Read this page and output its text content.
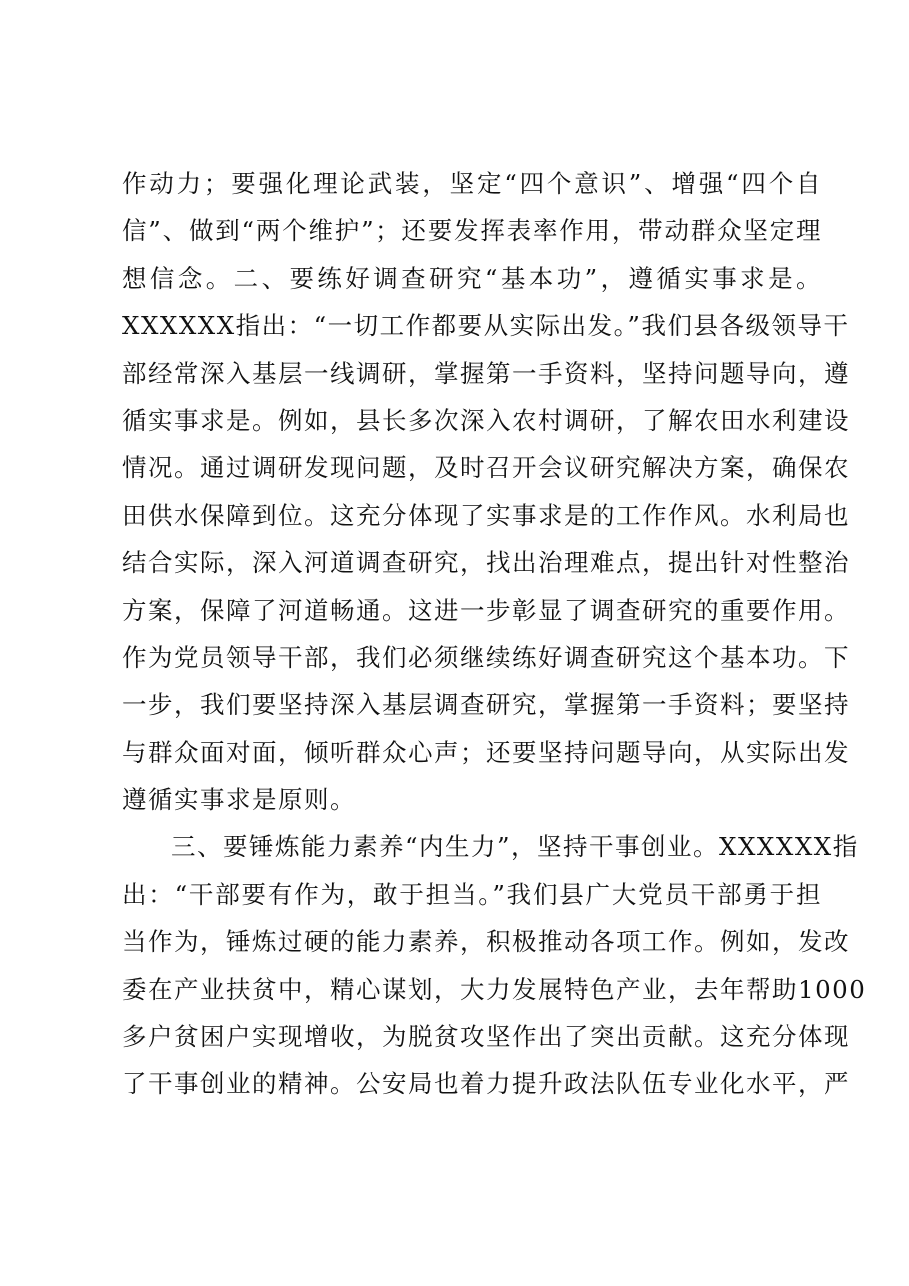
作动力；要强化理论武装，坚定“四个意识”、增强“四个自
信”、做到“两个维护”；还要发挥表率作用，带动群众坚定理
想信念。二、要练好调查研究“基本功”，遵循实事求是。
XXXXXX指出：“一切工作都要从实际出发。”我们县各级领导干
部经常深入基层一线调研，掌握第一手资料，坚持问题导向，遵
循实事求是。例如，县长多次深入农村调研，了解农田水利建设
情况。通过调研发现问题，及时召开会议研究解决方案，确保农
田供水保障到位。这充分体现了实事求是的工作作风。水利局也
结合实际，深入河道调查研究，找出治理难点，提出针对性整治
方案，保障了河道畅通。这进一步彰显了调查研究的重要作用。
作为党员领导干部，我们必须继续练好调查研究这个基本功。下
一步，我们要坚持深入基层调查研究，掌握第一手资料；要坚持
与群众面对面，倾听群众心声；还要坚持问题导向，从实际出发
遵循实事求是原则。
三、要锤炼能力素养“内生力”，坚持干事创业。XXXXXX指
出：“干部要有作为，敢于担当。”我们县广大党员干部勇于担
当作为，锤炼过硬的能力素养，积极推动各项工作。例如，发改
委在产业扶贫中，精心谋划，大力发展特色产业，去年帮助1000
多户贫困户实现增收，为脱贫攻坚作出了突出贡献。这充分体现
了干事创业的精神。公安局也着力提升政法队伍专业化水平，严
